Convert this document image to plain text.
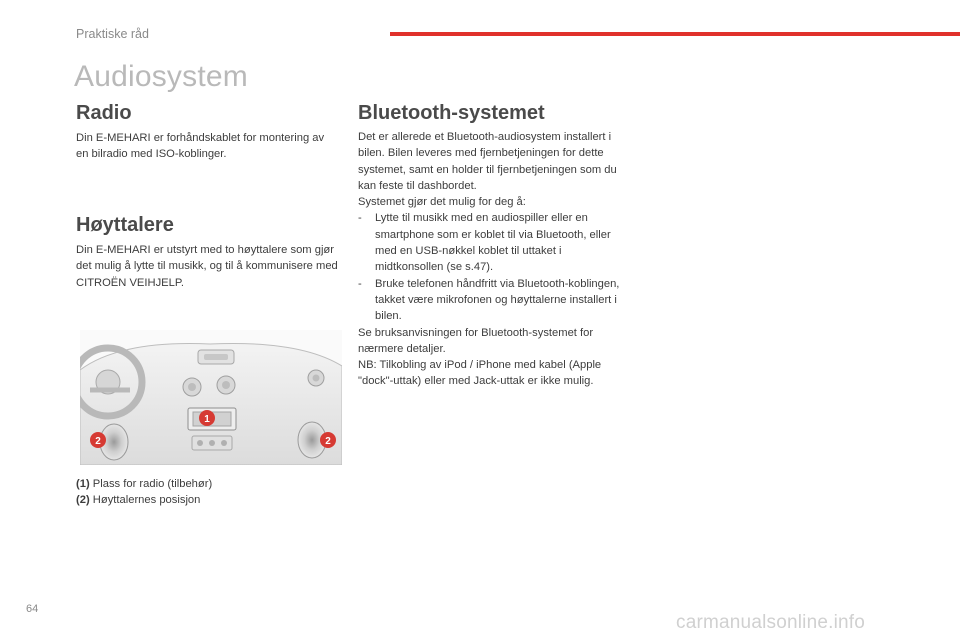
Praktiske råd
Audiosystem
Radio

Din E-MEHARI er forhåndskablet for montering av en bilradio med ISO-koblinger.

Høyttalere

Din E-MEHARI er utstyrt med to høyttalere som gjør det mulig å lytte til musikk, og til å kommunisere med CITROËN VEIHJELP.

1
2	2
(1) Plass for radio (tilbehør)
(2) Høyttalernes posisjon
Bluetooth-systemet
Det er allerede et Bluetooth-audiosystem installert i bilen. Bilen leveres med fjernbetjeningen for dette systemet, samt en holder til fjernbetjeningen som du kan feste til dashbordet.
Systemet gjør det mulig for deg å:
-	Lytte til musikk med en audiospiller eller en smartphone som er koblet til via Bluetooth, eller med en USB-nøkkel koblet til uttaket i midtkonsollen (se s.47).
-	Bruke telefonen håndfritt via Bluetooth-koblingen, takket være mikrofonen og høyttalerne installert i bilen.
Se bruksanvisningen for Bluetooth-systemet for nærmere detaljer.
NB: Tilkobling av iPod / iPhone med kabel (Apple "dock"-uttak) eller med Jack-uttak er ikke mulig.
64
carmanualsonline.info
